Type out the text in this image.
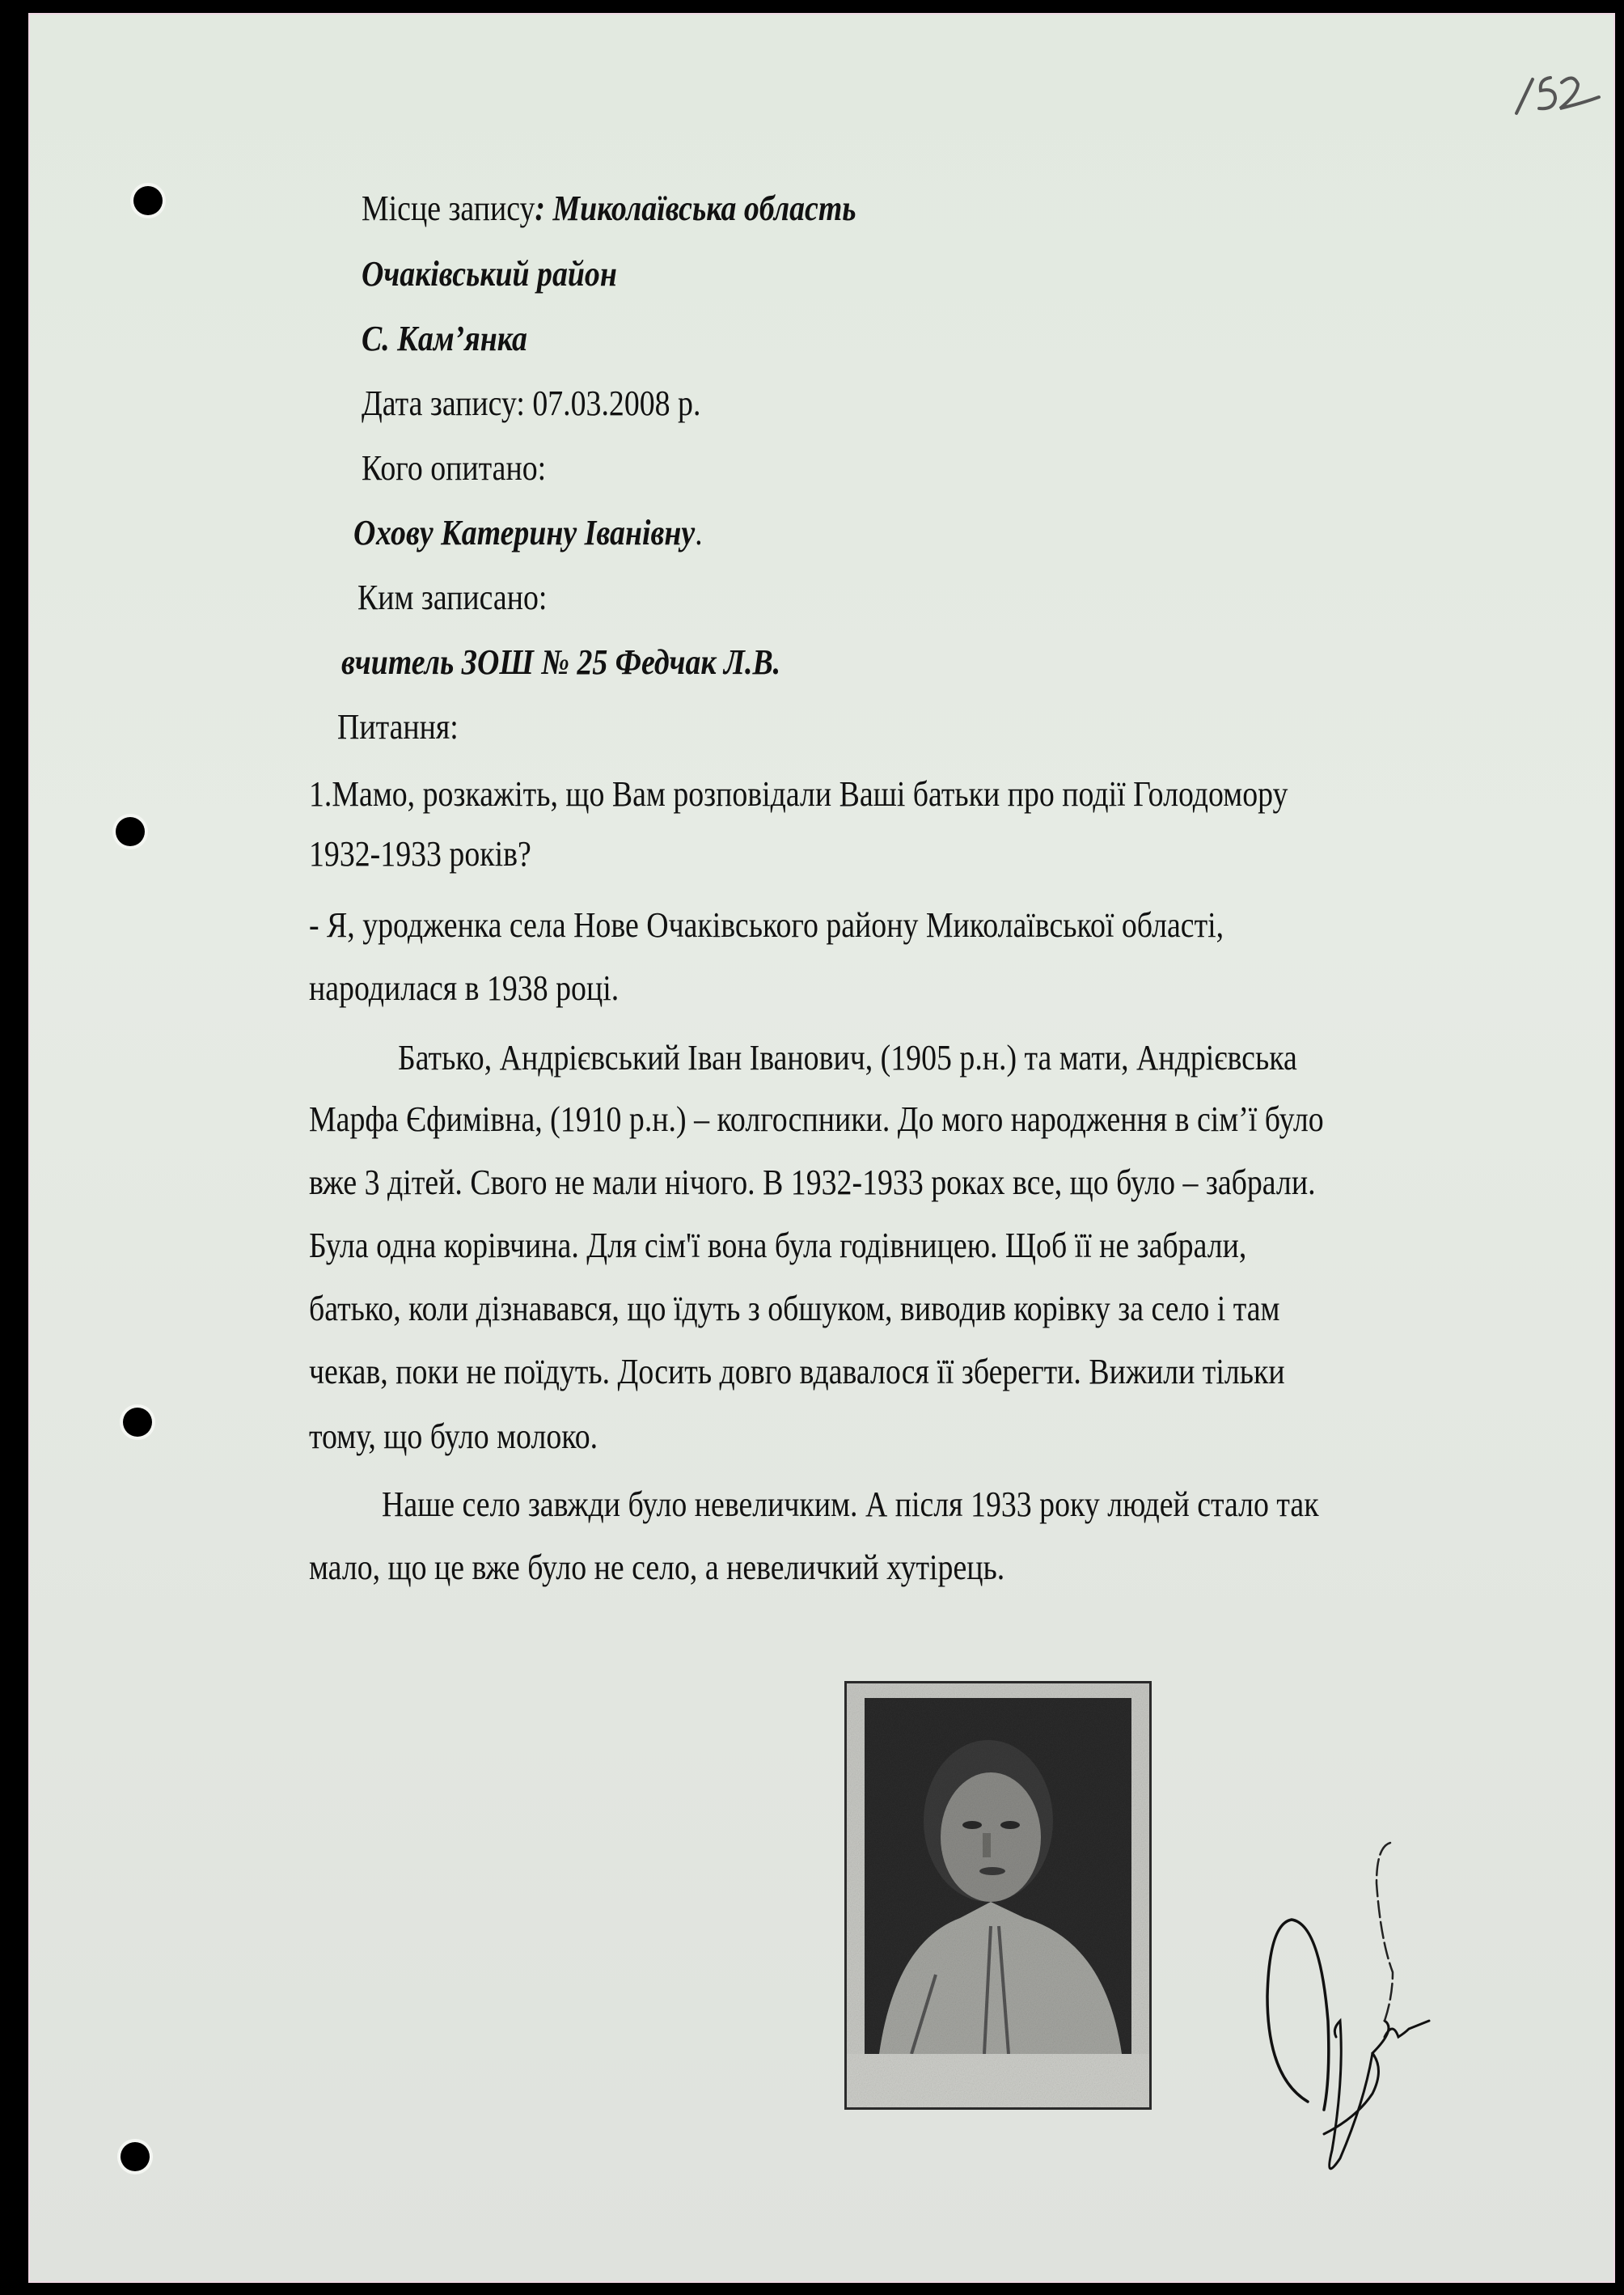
Місце запису: Миколаївська область
Очаківський район
С. Кам’янка
Дата запису: 07.03.2008 р.
Кого опитано:
Охову Катерину Іванівну.
Ким записано:
вчитель ЗОШ № 25 Федчак Л.В.
Питання:
1.Мамо, розкажіть, що Вам розповідали Ваші батьки про події Голодомору
1932-1933 років?
- Я, уродженка села Нове Очаківського району Миколаївської області,
народилася в 1938 році.
Батько, Андрієвський Іван Іванович, (1905 р.н.) та мати, Андрієвська
Марфа Єфимівна, (1910 р.н.) – колгоспники. До мого народження в сім’ї було
вже 3 дітей. Свого не мали нічого. В 1932-1933 роках все, що було – забрали.
Була одна корівчина. Для сім'ї вона була годівницею. Щоб її не забрали,
батько, коли дізнавався, що їдуть з обшуком, виводив корівку за село і там
чекав, поки не поїдуть. Досить довго вдавалося її зберегти. Вижили тільки
тому, що було молоко.
Наше село завжди було невеличким. А після 1933 року людей стало так
мало, що це вже було не село, а невеличкий хутірець.
